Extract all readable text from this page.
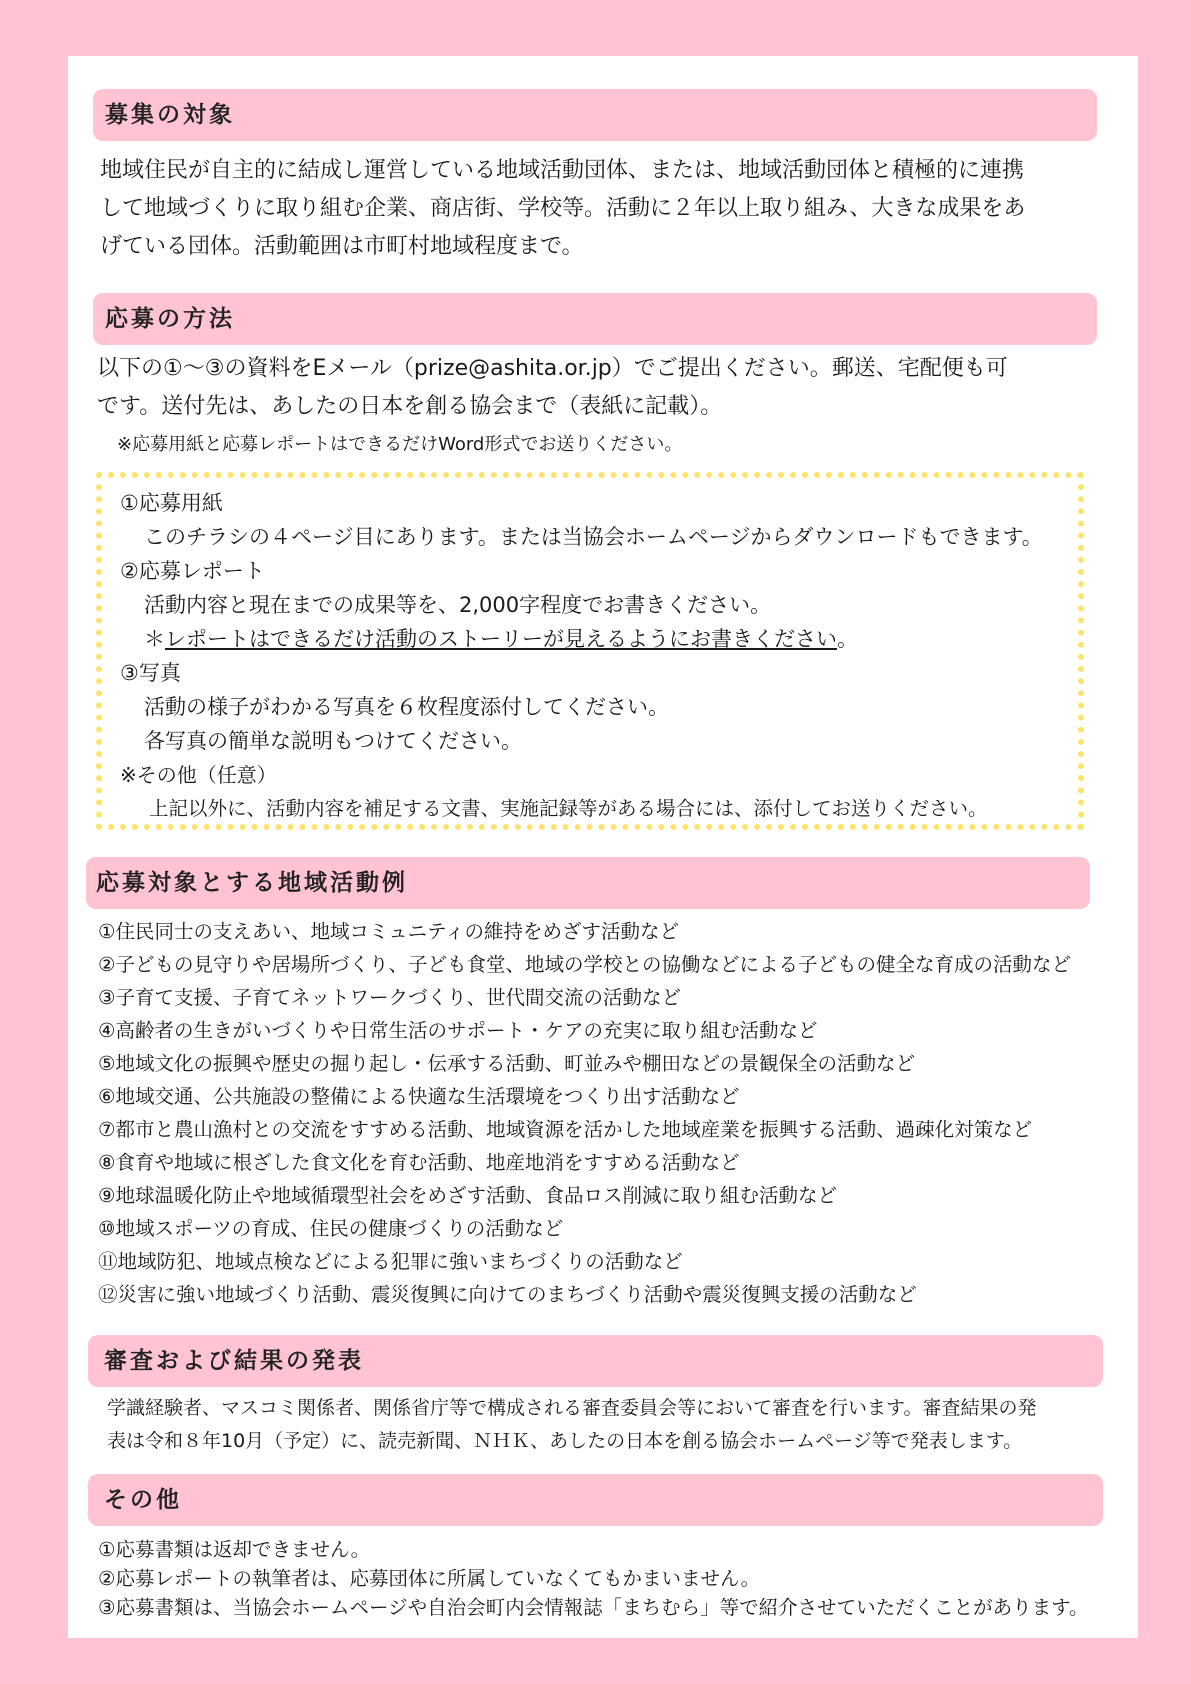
募集の対象
地域住民が自主的に結成し運営している地域活動団体、または、地域活動団体と積極的に連携
して地域づくりに取り組む企業、商店街、学校等。活動に２年以上取り組み、大きな成果をあ
げている団体。活動範囲は市町村地域程度まで。
応募の方法
以下の①～③の資料をEメール（prize@ashita.or.jp）でご提出ください。郵送、宅配便も可
です。送付先は、あしたの日本を創る協会まで（表紙に記載）。
※応募用紙と応募レポートはできるだけWord形式でお送りください。
①応募用紙
このチラシの４ページ目にあります。または当協会ホームページからダウンロードもできます。
②応募レポート
活動内容と現在までの成果等を、2,000字程度でお書きください。
＊レポートはできるだけ活動のストーリーが見えるようにお書きください。
③写真
活動の様子がわかる写真を６枚程度添付してください。
各写真の簡単な説明もつけてください。
※その他（任意）
上記以外に、活動内容を補足する文書、実施記録等がある場合には、添付してお送りください。
応募対象とする地域活動例
①住民同士の支えあい、地域コミュニティの維持をめざす活動など
②子どもの見守りや居場所づくり、子ども食堂、地域の学校との協働などによる子どもの健全な育成の活動など
③子育て支援、子育てネットワークづくり、世代間交流の活動など
④高齢者の生きがいづくりや日常生活のサポート・ケアの充実に取り組む活動など
⑤地域文化の振興や歴史の掘り起し・伝承する活動、町並みや棚田などの景観保全の活動など
⑥地域交通、公共施設の整備による快適な生活環境をつくり出す活動など
⑦都市と農山漁村との交流をすすめる活動、地域資源を活かした地域産業を振興する活動、過疎化対策など
⑧食育や地域に根ざした食文化を育む活動、地産地消をすすめる活動など
⑨地球温暖化防止や地域循環型社会をめざす活動、食品ロス削減に取り組む活動など
⑩地域スポーツの育成、住民の健康づくりの活動など
⑪地域防犯、地域点検などによる犯罪に強いまちづくりの活動など
⑫災害に強い地域づくり活動、震災復興に向けてのまちづくり活動や震災復興支援の活動など
審査および結果の発表
学識経験者、マスコミ関係者、関係省庁等で構成される審査委員会等において審査を行います。審査結果の発
表は令和８年10月（予定）に、読売新聞、ＮＨＫ、あしたの日本を創る協会ホームページ等で発表します。
その他
①応募書類は返却できません。
②応募レポートの執筆者は、応募団体に所属していなくてもかまいません。
③応募書類は、当協会ホームページや自治会町内会情報誌「まちむら」等で紹介させていただくことがあります。
